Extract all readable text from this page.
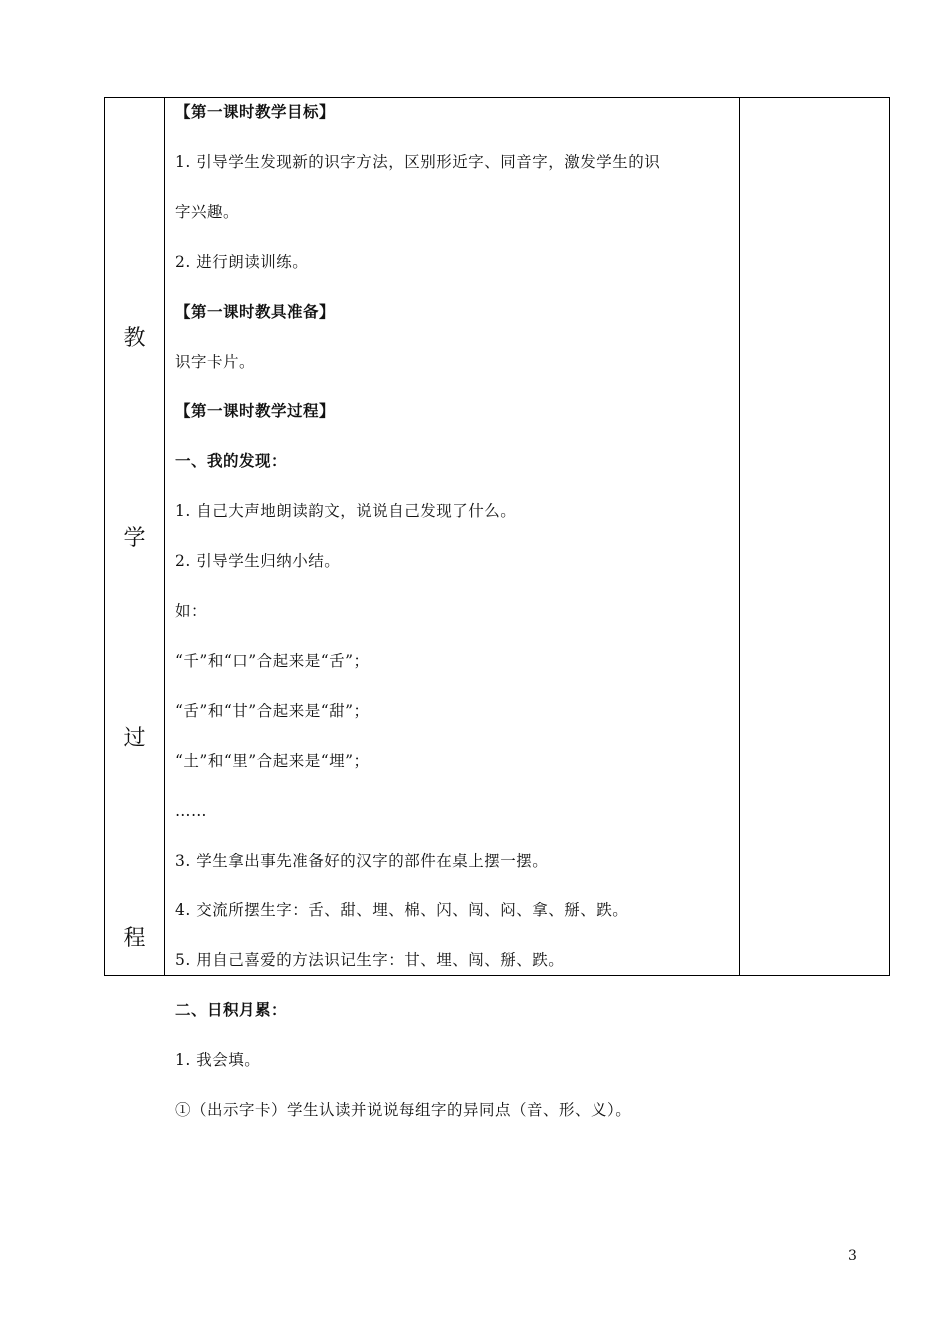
教
学
过
程
【第一课时教学目标】
1. 引导学生发现新的识字方法，区别形近字、同音字，激发学生的识
字兴趣。
2. 进行朗读训练。
【第一课时教具准备】
识字卡片。
【第一课时教学过程】
一、我的发现：
1. 自己大声地朗读韵文，说说自己发现了什么。
2. 引导学生归纳小结。
如：
“千”和“口”合起来是“舌”；
“舌”和“甘”合起来是“甜”；
“土”和“里”合起来是“埋”；
……
3. 学生拿出事先准备好的汉字的部件在桌上摆一摆。
4. 交流所摆生字：舌、甜、埋、棉、闪、闯、闷、拿、掰、跌。
5. 用自己喜爱的方法识记生字：甘、埋、闯、掰、跌。
二、日积月累：
1. 我会填。
①（出示字卡）学生认读并说说每组字的异同点（音、形、义）。
3
